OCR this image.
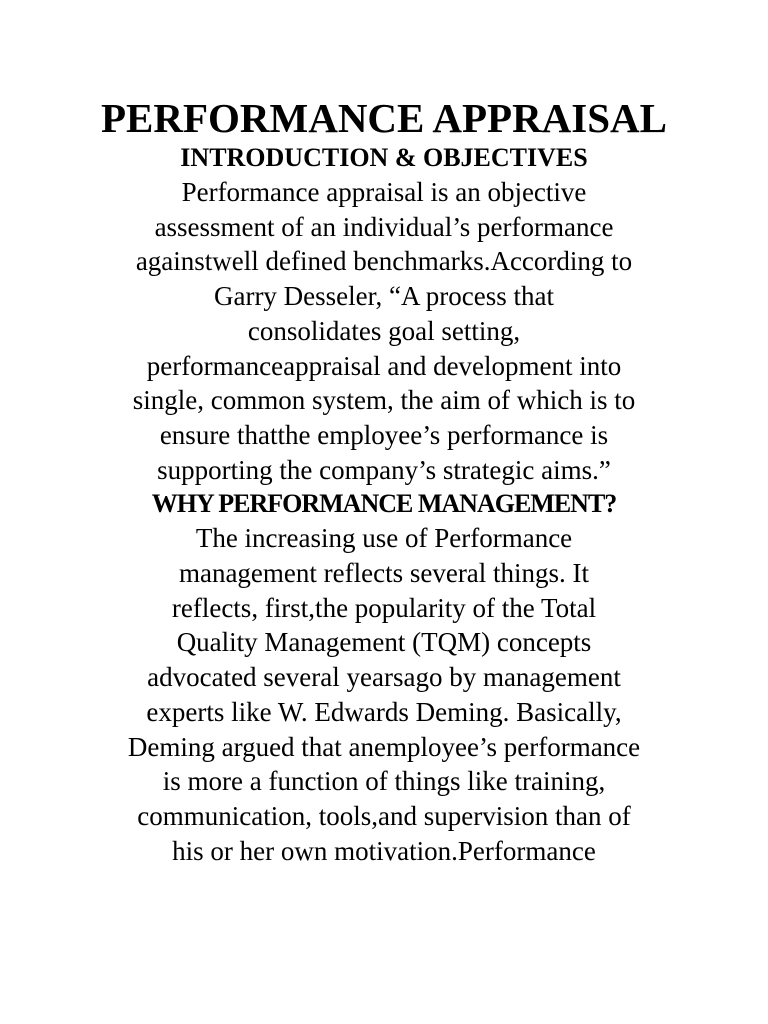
PERFORMANCE APPRAISAL
INTRODUCTION & OBJECTIVES

Performance appraisal is an objective
assessment of an individual’s performance
againstwell defined benchmarks.According to
Garry Desseler, “A process that
consolidates goal setting,
performanceappraisal and development into
single, common system, the aim of which is to
ensure thatthe employee’s performance is
supporting the company’s strategic aims.”

WHY PERFORMANCE MANAGEMENT?

The increasing use of Performance
management reflects several things. It
reflects, first,the popularity of the Total
Quality Management (TQM) concepts
advocated several yearsago by management
experts like W. Edwards Deming. Basically,
Deming argued that anemployee’s performance
is more a function of things like training,
communication, tools,and supervision than of
his or her own motivation.Performance
